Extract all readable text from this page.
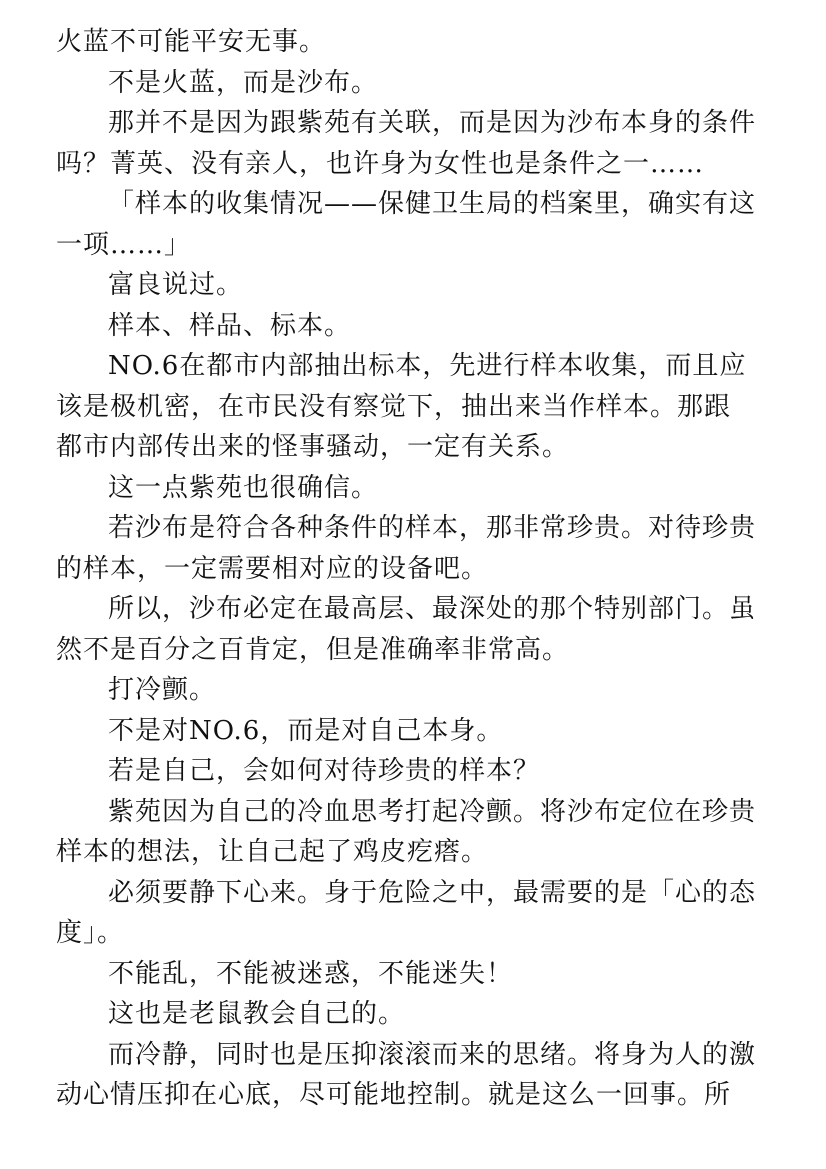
火蓝不可能平安无事。

不是火蓝，而是沙布。

那并不是因为跟紫苑有关联，而是因为沙布本身的条件吗？菁英、没有亲人，也许身为女性也是条件之一……

「样本的收集情况——保健卫生局的档案里，确实有这一项……」

富良说过。

样本、样品、标本。

NO.6在都市内部抽出标本，先进行样本收集，而且应该是极机密，在市民没有察觉下，抽出来当作样本。那跟都市内部传出来的怪事骚动，一定有关系。

这一点紫苑也很确信。

若沙布是符合各种条件的样本，那非常珍贵。对待珍贵的样本，一定需要相对应的设备吧。

所以，沙布必定在最高层、最深处的那个特别部门。虽然不是百分之百肯定，但是准确率非常高。

打冷颤。

不是对NO.6，而是对自己本身。

若是自己，会如何对待珍贵的样本？

紫苑因为自己的冷血思考打起冷颤。将沙布定位在珍贵样本的想法，让自己起了鸡皮疙瘩。

必须要静下心来。身于危险之中，最需要的是「心的态度」。

不能乱，不能被迷惑，不能迷失！

这也是老鼠教会自己的。

而冷静，同时也是压抑滚滚而来的思绪。将身为人的激动心情压抑在心底，尽可能地控制。就是这么一回事。所
